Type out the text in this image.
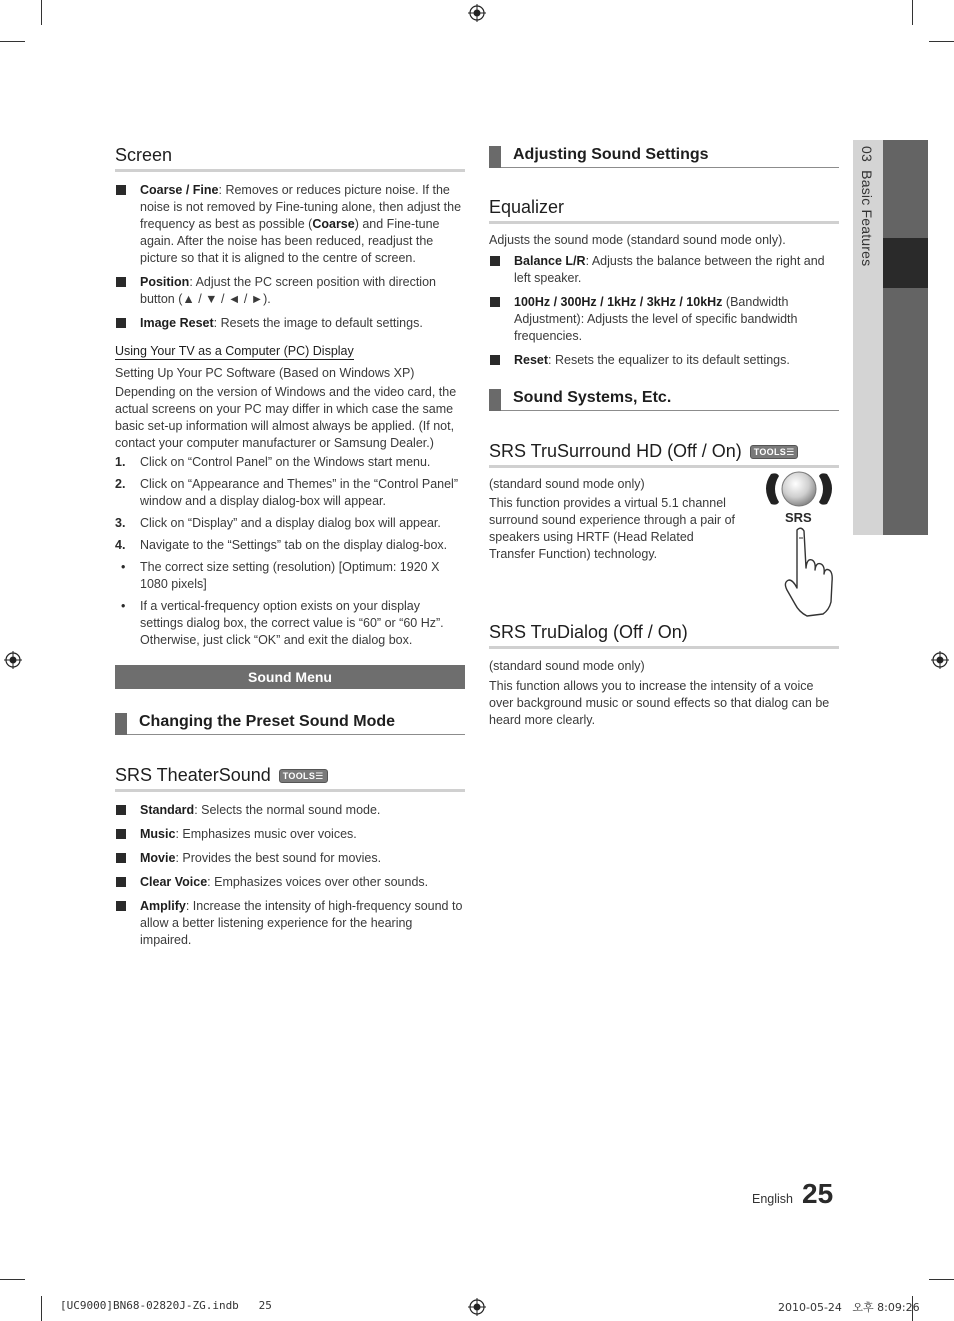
03  Basic Features
Screen
Coarse / Fine: Removes or reduces picture noise. If the noise is not removed by Fine-tuning alone, then adjust the frequency as best as possible (Coarse) and Fine-tune again. After the noise has been reduced, readjust the picture so that it is aligned to the centre of screen.
Position: Adjust the PC screen position with direction button (▲ / ▼ / ◄ / ►).
Image Reset: Resets the image to default settings.

Using Your TV as a Computer (PC) Display

Setting Up Your PC Software (Based on Windows XP)

Depending on the version of Windows and the video card, the actual screens on your PC may differ in which case the same basic set-up information will almost always be applied. (If not, contact your computer manufacturer or Samsung Dealer.)

1. Click on “Control Panel” on the Windows start menu.
2. Click on “Appearance and Themes” in the “Control Panel” window and a display dialog-box will appear.
3. Click on “Display” and a display dialog box will appear.
4. Navigate to the “Settings” tab on the display dialog-box.
• The correct size setting (resolution) [Optimum: 1920 X 1080 pixels]
• If a vertical-frequency option exists on your display settings dialog box, the correct value is “60” or “60 Hz”. Otherwise, just click “OK” and exit the dialog box.
Sound Menu
Changing the Preset Sound Mode
SRS TheaterSound	TOOLS☰
Standard: Selects the normal sound mode.
Music: Emphasizes music over voices.
Movie: Provides the best sound for movies.
Clear Voice: Emphasizes voices over other sounds.
Amplify: Increase the intensity of high-frequency sound to allow a better listening experience for the hearing impaired.
Adjusting Sound Settings
Equalizer

Adjusts the sound mode (standard sound mode only).

Balance L/R: Adjusts the balance between the right and left speaker.
100Hz / 300Hz / 1kHz / 3kHz / 10kHz (Bandwidth Adjustment): Adjusts the level of specific bandwidth frequencies.
Reset: Resets the equalizer to its default settings.
Sound Systems, Etc.
SRS TruSurround HD (Off / On)	TOOLS☰

(standard sound mode only)

This function provides a virtual 5.1 channel surround sound experience through a pair of speakers using HRTF (Head Related Transfer Function) technology.

SRS
SRS TruDialog (Off / On)

(standard sound mode only)

This function allows you to increase the intensity of a voice over background music or sound effects so that dialog can be heard more clearly.

English 25
[UC9000]BN68-02820J-ZG.indb   25	2010-05-24   오후 8:09:26
